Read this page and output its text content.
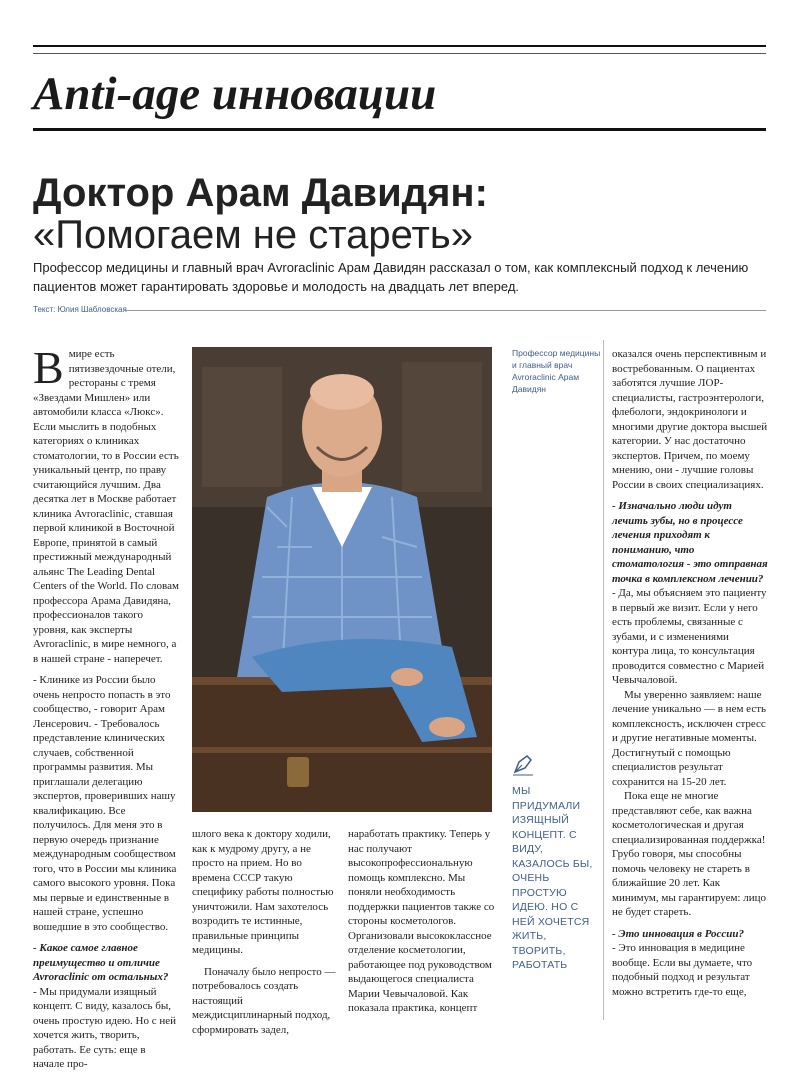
Anti-age инновации
Доктор Арам Давидян:
«Помогаем не стареть»
Профессор медицины и главный врач Avroraclinic Арам Давидян рассказал о том, как комплексный подход к лечению пациентов может гарантировать здоровье и молодость на двадцать лет вперед.
Текст: Юлия Шабловская

В мире есть пятизвездочные отели, рестораны с тремя «Звездами Мишлен» или автомобили класса «Люкс». Если мыслить в подобных категориях о клиниках стоматологии, то в России есть уникальный центр, по праву считающийся лучшим. Два десятка лет в Москве работает клиника Avroraclinic, ставшая первой клиникой в Восточной Европе, принятой в самый престижный международный альянс The Leading Dental Centers of the World. По словам профессора Арама Давидяна, профессионалов такого уровня, как эксперты Avroraclinic, в мире немного, а в нашей стране - наперечет.

- Клинике из России было очень непросто попасть в это сообщество, - говорит Арам Ленсерович. - Требовалось представление клинических случаев, собственной программы развития. Мы приглашали делегацию экспертов, проверивших нашу квалификацию. Все получилось. Для меня это в первую очередь признание международным сообществом того, что в России мы клиника самого высокого уровня. Пока мы первые и единственные в нашей стране, успешно вошедшие в это сообщество.

- Какое самое главное преимущество и отличие Avroraclinic от остальных?

- Мы придумали изящный концепт. С виду, казалось бы, очень простую идею. Но с ней хочется жить, творить, работать. Ее суть: еще в начале про-

Профессор медицины и главный врач Avroraclinic Арам Давидян

шлого века к доктору ходили, как к мудрому другу, а не просто на прием. Но во времена СССР такую специфику работы полностью уничтожили. Нам захотелось возродить те истинные, правильные принципы медицины.

Поначалу было непросто — потребовалось создать настоящий междисциплинарный подход, сформировать задел,

наработать практику. Теперь у нас получают высокопрофессиональную помощь комплексно. Мы поняли необходимость поддержки пациентов также со стороны косметологов. Организовали высококлассное отделение косметологии, работающее под руководством выдающегося специалиста Марии Чевычаловой. Как показала практика, концепт

МЫ ПРИДУМАЛИ ИЗЯЩНЫЙ КОНЦЕПТ. С ВИДУ, КАЗАЛОСЬ БЫ, ОЧЕНЬ ПРОСТУЮ ИДЕЮ. НО С НЕЙ ХОЧЕТСЯ ЖИТЬ, ТВОРИТЬ, РАБОТАТЬ

оказался очень перспективным и востребованным. О пациентах заботятся лучшие ЛОР-специалисты, гастроэнтерологи, флебологи, эндокринологи и многими другие доктора высшей категории. У нас достаточно экспертов. Причем, по моему мнению, они - лучшие головы России в своих специализациях.

- Изначально люди идут лечить зубы, но в процессе лечения приходят к пониманию, что стоматология - это отправная точка в комплексном лечении?

- Да, мы объясняем это пациенту в первый же визит. Если у него есть проблемы, связанные с зубами, и с изменениями контура лица, то консультация проводится совместно с Марией Чевычаловой.

Мы уверенно заявляем: наше лечение уникально — в нем есть комплексность, исключен стресс и другие негативные моменты. Достигнутый с помощью специалистов результат сохранится на 15-20 лет.

Пока еще не многие представляют себе, как важна косметологическая и другая специализированная поддержка! Грубо говоря, мы способны помочь человеку не стареть в ближайшие 20 лет. Как минимум, мы гарантируем: лицо не будет стареть.

- Это инновация в России?

- Это инновация в медицине вообще. Если вы думаете, что подобный подход и результат можно встретить где-то еще,
